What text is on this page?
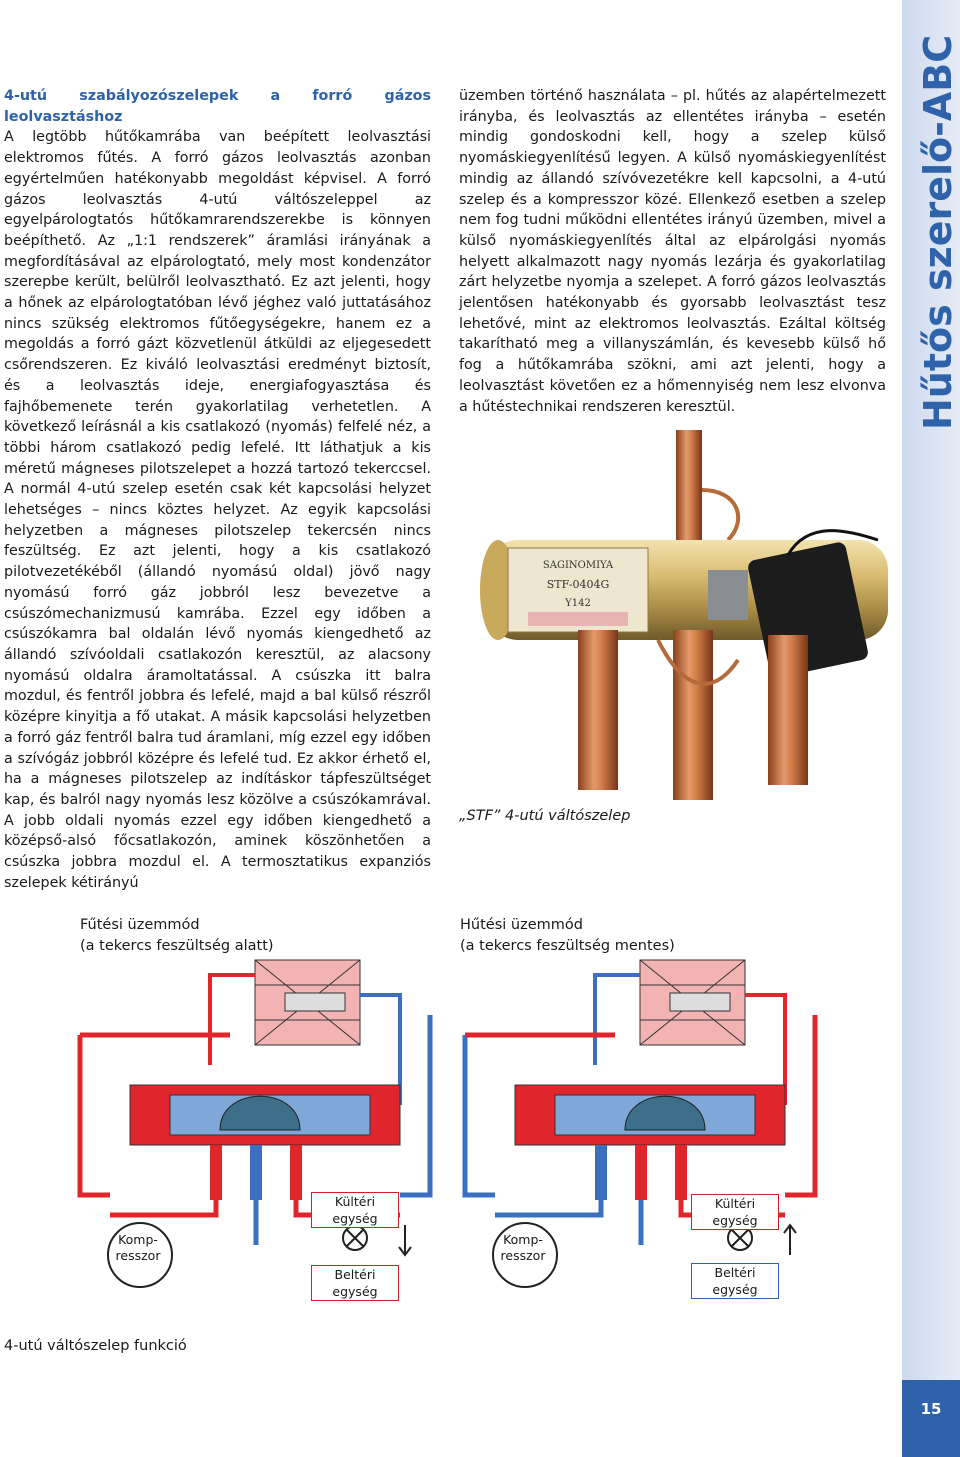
Hűtős szerelő-ABC
15

4-utú szabályozószelepek a forró gázos leolvasztáshoz

A legtöbb hűtőkamrába van beépített leolvasztási elektromos fűtés. A forró gázos leolvasztás azonban egyértelműen hatékonyabb megoldást képvisel. A forró gázos leolvasztás 4-utú váltószeleppel az egyelpárologtatós hűtőkamrarendszerekbe is könnyen beépíthető. Az „1:1 rendszerek” áramlási irányának a megfordításával az elpárologtató, mely most kondenzátor szerepbe került, belülről leolvasztható. Ez azt jelenti, hogy a hőnek az elpárologtatóban lévő jéghez való juttatásához nincs szükség elektromos fűtőegységekre, hanem ez a megoldás a forró gázt közvetlenül átküldi az eljegesedett csőrendszeren. Ez kiváló leolvasztási eredményt biztosít, és a leolvasztás ideje, energiafogyasztása és fajhőbemenete terén gyakorlatilag verhetetlen. A következő leírásnál a kis csatlakozó (nyomás) felfelé néz, a többi három csatlakozó pedig lefelé. Itt láthatjuk a kis méretű mágneses pilotszelepet a hozzá tartozó tekerccsel. A normál 4-utú szelep esetén csak két kapcsolási helyzet lehetséges – nincs köztes helyzet. Az egyik kapcsolási helyzetben a mágneses pilotszelep tekercsén nincs feszültség. Ez azt jelenti, hogy a kis csatlakozó pilotvezetékéből (állandó nyomású oldal) jövő nagy nyomású forró gáz jobbról lesz bevezetve a csúszómechanizmusú kamrába. Ezzel egy időben a csúszókamra bal oldalán lévő nyomás kiengedhető az állandó szívóoldali csatlakozón keresztül, az alacsony nyomású oldalra áramoltatással. A csúszka itt balra mozdul, és fentről jobbra és lefelé, majd a bal külső részről középre kinyitja a fő utakat. A másik kapcsolási helyzetben a forró gáz fentről balra tud áramlani, míg ezzel egy időben a szívógáz jobbról középre és lefelé tud. Ez akkor érhető el, ha a mágneses pilotszelep az indításkor tápfeszültséget kap, és balról nagy nyomás lesz közölve a csúszókamrával. A jobb oldali nyomás ezzel egy időben kiengedhető a középső-alsó főcsatlakozón, aminek köszönhetően a csúszka jobbra mozdul el. A termosztatikus expanziós szelepek kétirányú

üzemben történő használata – pl. hűtés az alapértelmezett irányba, és leolvasztás az ellentétes irányba – esetén mindig gondoskodni kell, hogy a szelep külső nyomáskiegyenlítésű legyen. A külső nyomáskiegyenlítést mindig az állandó szívóvezetékre kell kapcsolni, a 4-utú szelep és a kompresszor közé. Ellenkező esetben a szelep nem fog tudni működni ellentétes irányú üzemben, mivel a külső nyomáskiegyenlítés által az elpárolgási nyomás helyett alkalmazott nagy nyomás lezárja és gyakorlatilag zárt helyzetbe nyomja a szelepet. A forró gázos leolvasztás jelentősen hatékonyabb és gyorsabb leolvasztást tesz lehetővé, mint az elektromos leolvasztás. Ezáltal költség takarítható meg a villanyszámlán, és kevesebb külső hő fog a hűtőkamrába szökni, ami azt jelenti, hogy a leolvasztást követően ez a hőmennyiség nem lesz elvonva a hűtéstechnikai rendszeren keresztül.

SAGINOMIYA
STF-0404G
Y142
„STF” 4-utú váltószelep
Fűtési üzemmód
(a tekercs feszültség alatt)
Hűtési üzemmód
(a tekercs feszültség mentes)
Komp-
resszor
Kültéri egység
Beltéri egység
Komp-
resszor
Kültéri egység
Beltéri egység
4-utú váltószelep funkció
